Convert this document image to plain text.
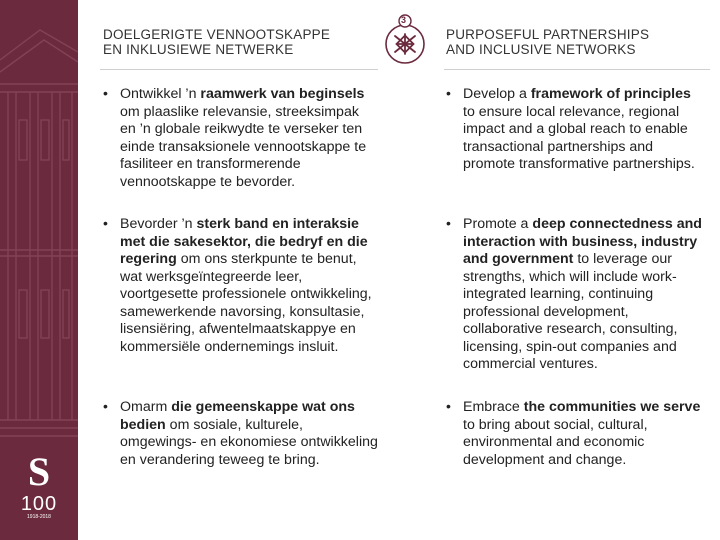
S
100
1918-2018
DOELGERIGTE VENNOOTSKAPPE
EN INKLUSIEWE NETWERKE
PURPOSEFUL PARTNERSHIPS
AND INCLUSIVE NETWORKS
3
• Ontwikkel ’n raamwerk van beginsels om plaaslike relevansie, streeksimpak en ’n globale reikwydte te verseker ten einde transaksionele vennootskappe te fasiliteer en transformerende vennootskappe te bevorder.
• Bevorder ’n sterk band en interaksie met die sakesektor, die bedryf en die regering om ons sterkpunte te benut, wat werksgeïntegreerde leer, voortgesette professionele ontwikkeling, samewerkende navorsing, konsultasie, lisensiëring, afwentelmaatskappye en kommersiële ondernemings insluit.
• Omarm die gemeenskappe wat ons bedien om sosiale, kulturele, omgewings- en ekonomiese ontwikkeling en verandering teweeg te bring.
• Develop a framework of principles to ensure local relevance, regional impact and a global reach to enable transactional partnerships and promote transformative partnerships.
• Promote a deep connectedness and interaction with business, industry and government to leverage our strengths, which will include work-integrated learning, continuing professional development, collaborative research, consulting, licensing, spin-out companies and commercial ventures.
• Embrace the communities we serve to bring about social, cultural, environmental and economic development and change.
